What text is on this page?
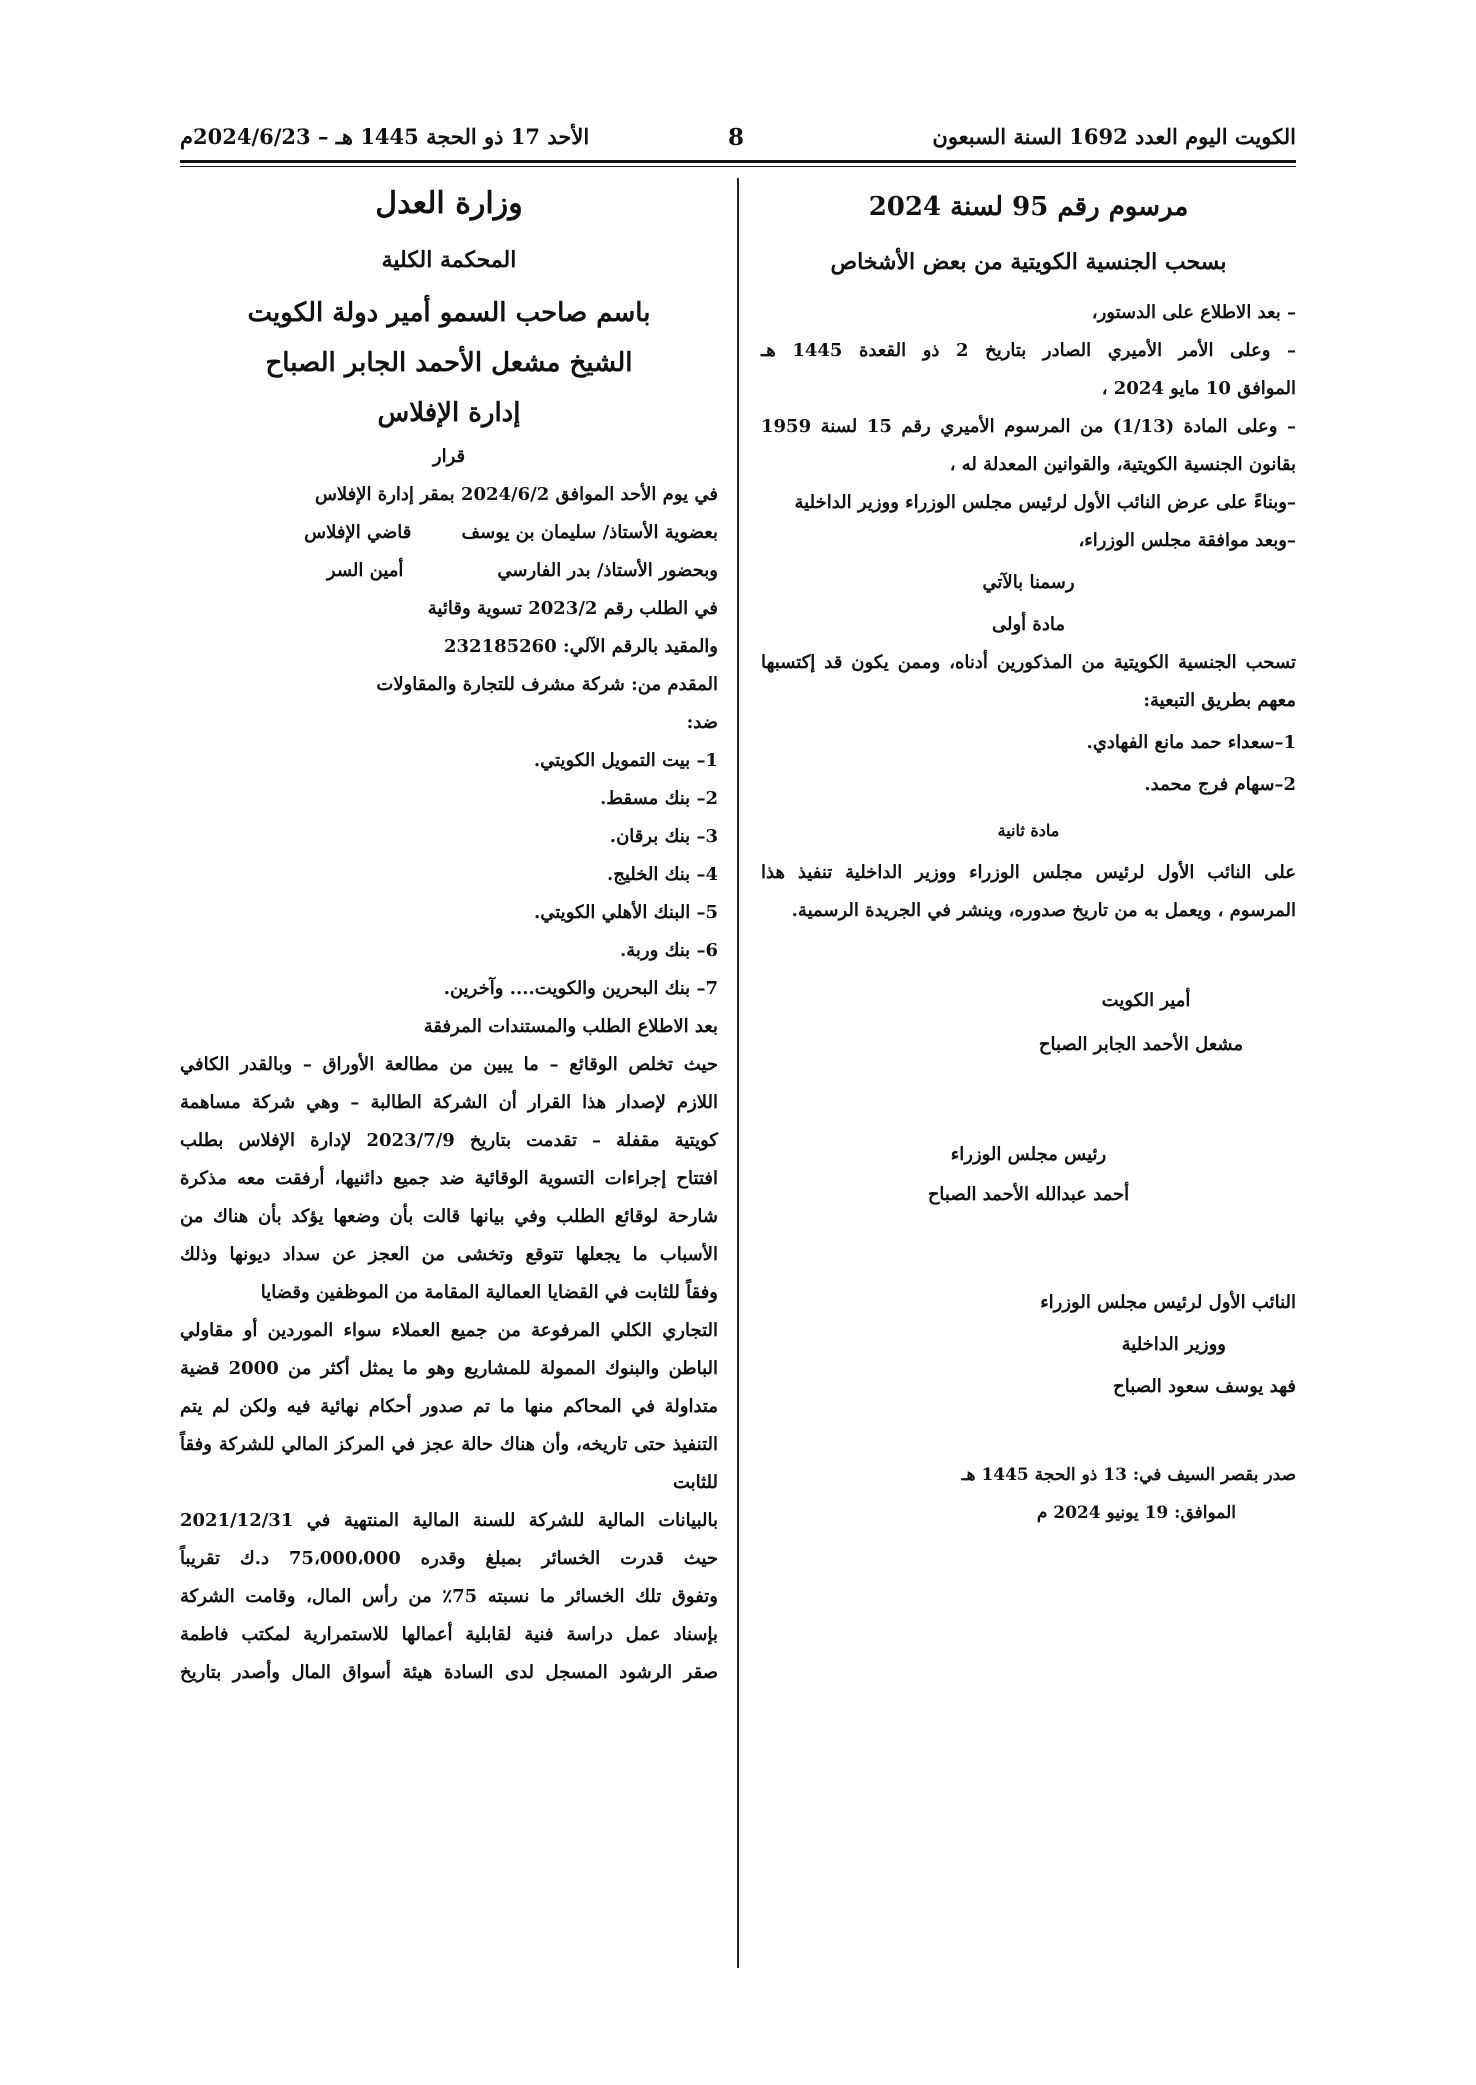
الكويت اليوم العدد 1692 السنة السبعون
8
الأحد 17 ذو الحجة 1445 هـ – 2024/6/23م
مرسوم رقم 95 لسنة 2024
بسحب الجنسية الكويتية من بعض الأشخاص
– بعد الاطلاع على الدستور،
– وعلى الأمر الأميري الصادر بتاريخ 2 ذو القعدة 1445 هـ
الموافق 10 مايو 2024 ،
– وعلى المادة (1/13) من المرسوم الأميري رقم 15 لسنة 1959
بقانون الجنسية الكويتية، والقوانين المعدلة له ،
–وبناءً على عرض النائب الأول لرئيس مجلس الوزراء ووزير الداخلية
–وبعد موافقة مجلس الوزراء،
رسمنا بالآتي
مادة أولى
تسحب الجنسية الكويتية من المذكورين أدناه، وممن يكون قد إكتسبها
معهم بطريق التبعية:
1–سعداء حمد مانع الفهادي.
2–سهام فرج محمد.
مادة ثانية
على النائب الأول لرئيس مجلس الوزراء ووزير الداخلية تنفيذ هذا
المرسوم ، ويعمل به من تاريخ صدوره، وينشر في الجريدة الرسمية.
أمير الكويت
مشعل الأحمد الجابر الصباح
رئيس مجلس الوزراء
أحمد عبدالله الأحمد الصباح
النائب الأول لرئيس مجلس الوزراء
ووزير الداخلية
فهد يوسف سعود الصباح
صدر بقصر السيف في: 13 ذو الحجة 1445 هـ
الموافق: 19 يونيو 2024 م
وزارة العدل
المحكمة الكلية
باسم صاحب السمو أمير دولة الكويت
الشيخ مشعل الأحمد الجابر الصباح
إدارة الإفلاس
قرار
في يوم الأحد الموافق 2024/6/2 بمقر إدارة الإفلاس
بعضوية الأستاذ/ سليمان بن يوسف        قاضي الإفلاس
وبحضور الأستاذ/ بدر الفارسي               أمين السر
في الطلب رقم 2023/2 تسوية وقائية
والمقيد بالرقم الآلي: 232185260
المقدم من: شركة مشرف للتجارة والمقاولات
ضد:
1– بيت التمويل الكويتي.
2– بنك مسقط.
3– بنك برقان.
4– بنك الخليج.
5– البنك الأهلي الكويتي.
6– بنك وربة.
7– بنك البحرين والكويت.... وآخرين.
بعد الاطلاع الطلب والمستندات المرفقة
حيث تخلص الوقائع – ما يبين من مطالعة الأوراق – وبالقدر الكافي
اللازم لإصدار هذا القرار أن الشركة الطالبة – وهي شركة مساهمة
كويتية مقفلة – تقدمت بتاريخ 2023/7/9 لإدارة الإفلاس بطلب
افتتاح إجراءات التسوية الوقائية ضد جميع دائنيها، أرفقت معه مذكرة
شارحة لوقائع الطلب وفي بيانها قالت بأن وضعها يؤكد بأن هناك من
الأسباب ما يجعلها تتوقع وتخشى من العجز عن سداد ديونها وذلك
وفقاً للثابت في القضايا العمالية المقامة من الموظفين وقضايا
التجاري الكلي المرفوعة من جميع العملاء سواء الموردين أو مقاولي
الباطن والبنوك الممولة للمشاريع وهو ما يمثل أكثر من 2000 قضية
متداولة في المحاكم منها ما تم صدور أحكام نهائية فيه ولكن لم يتم
التنفيذ حتى تاريخه، وأن هناك حالة عجز في المركز المالي للشركة وفقاً
للثابت
بالبيانات المالية للشركة للسنة المالية المنتهية في 2021/12/31
حيث قدرت الخسائر بمبلغ وقدره 75،000،000 د.ك تقريباً
وتفوق تلك الخسائر ما نسبته 75٪ من رأس المال، وقامت الشركة
بإسناد عمل دراسة فنية لقابلية أعمالها للاستمرارية لمكتب فاطمة
صقر الرشود المسجل لدى السادة هيئة أسواق المال وأصدر بتاريخ
